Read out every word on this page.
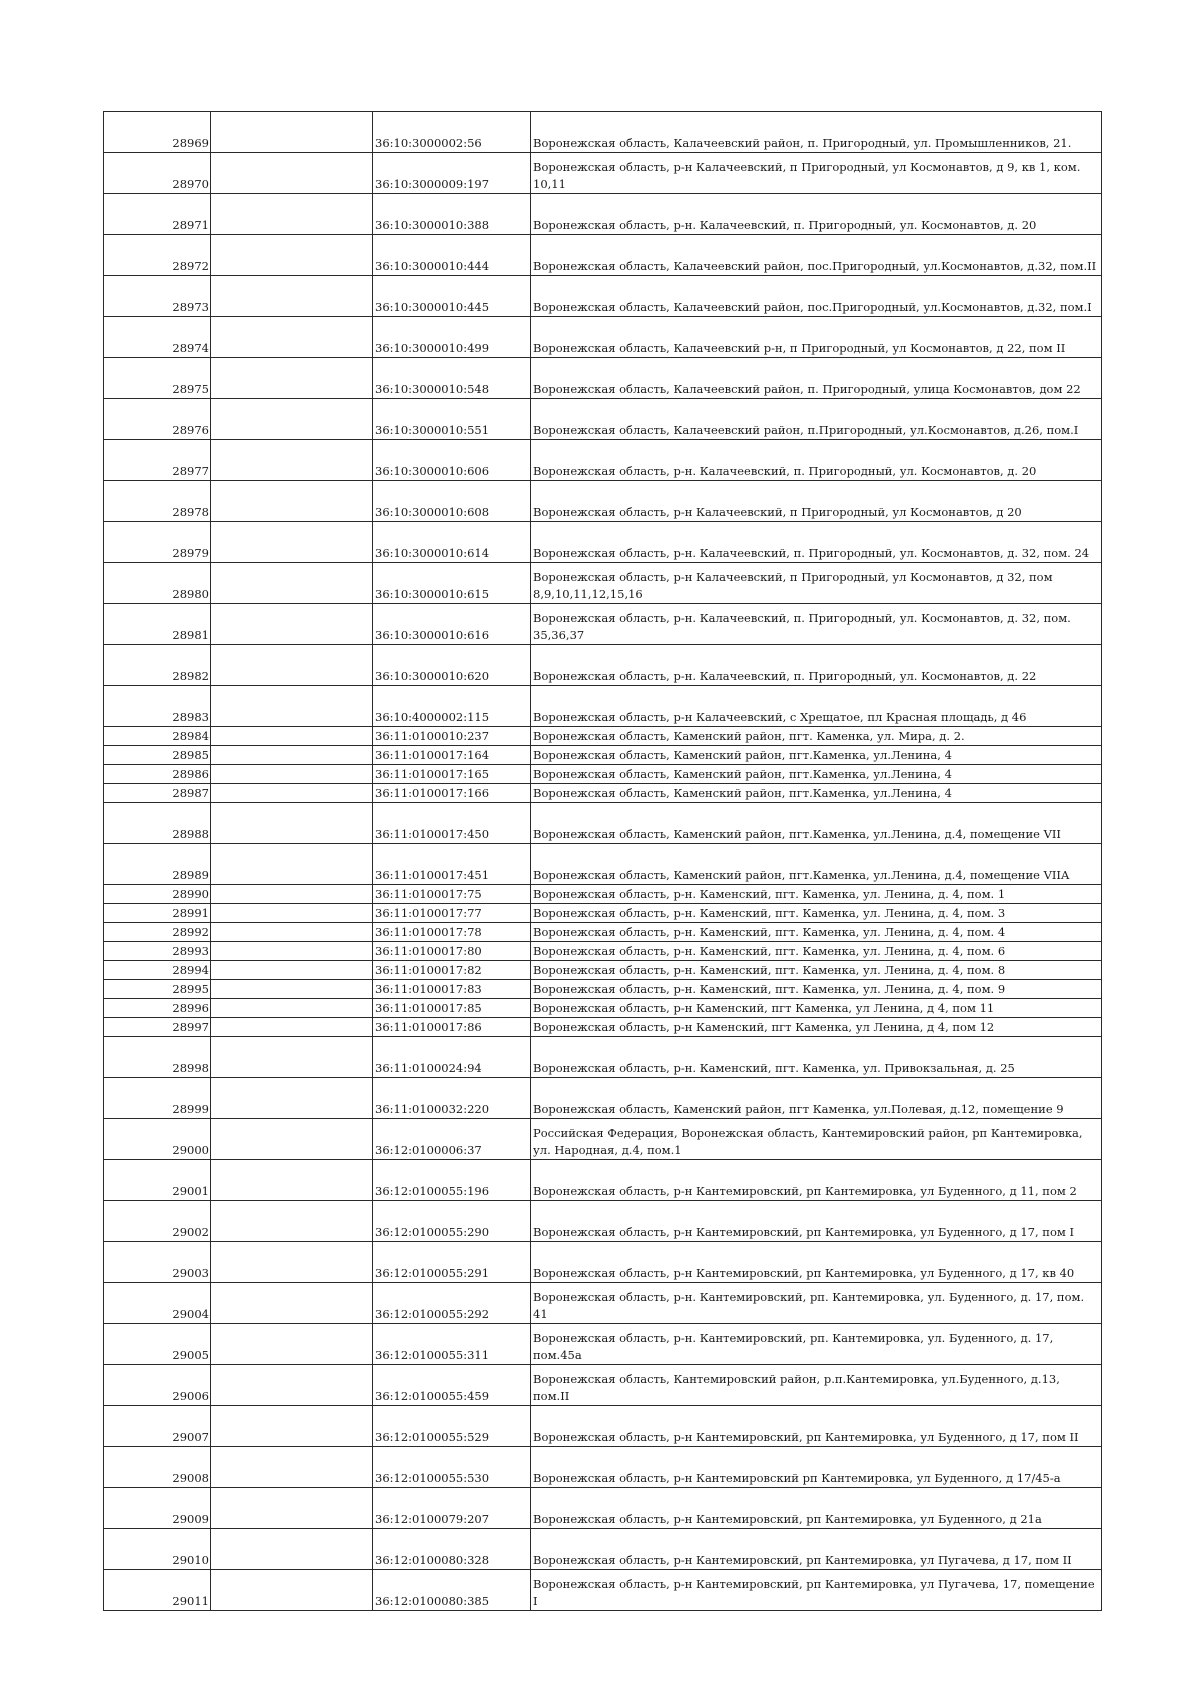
28969		36:10:3000002:56	Воронежская область, Калачеевский район, п. Пригородный, ул. Промышленников, 21.
28970		36:10:3000009:197	Воронежская область, р-н Калачеевский, п Пригородный, ул Космонавтов, д 9, кв 1, ком. 10,11
28971		36:10:3000010:388	Воронежская область, р-н. Калачеевский, п. Пригородный, ул. Космонавтов, д. 20
28972		36:10:3000010:444	Воронежская область, Калачеевский район, пос.Пригородный, ул.Космонавтов, д.32, пом.II
28973		36:10:3000010:445	Воронежская область, Калачеевский район, пос.Пригородный, ул.Космонавтов, д.32, пом.I
28974		36:10:3000010:499	Воронежская область, Калачеевский р-н, п Пригородный, ул Космонавтов, д 22, пом II
28975		36:10:3000010:548	Воронежская область, Калачеевский район, п. Пригородный, улица Космонавтов, дом 22
28976		36:10:3000010:551	Воронежская область, Калачеевский район, п.Пригородный, ул.Космонавтов, д.26, пом.I
28977		36:10:3000010:606	Воронежская область, р-н. Калачеевский, п. Пригородный, ул. Космонавтов, д. 20
28978		36:10:3000010:608	Воронежская область, р-н Калачеевский, п Пригородный, ул Космонавтов, д 20
28979		36:10:3000010:614	Воронежская область, р-н. Калачеевский, п. Пригородный, ул. Космонавтов, д. 32, пом. 24
28980		36:10:3000010:615	Воронежская область, р-н Калачеевский, п Пригородный, ул Космонавтов, д 32, пом 8,9,10,11,12,15,16
28981		36:10:3000010:616	Воронежская область, р-н. Калачеевский, п. Пригородный, ул. Космонавтов, д. 32, пом. 35,36,37
28982		36:10:3000010:620	Воронежская область, р-н. Калачеевский, п. Пригородный, ул. Космонавтов, д. 22
28983		36:10:4000002:115	Воронежская область, р-н Калачеевский, с Хрещатое, пл Красная площадь, д 46
28984		36:11:0100010:237	Воронежская область, Каменский район, пгт. Каменка, ул. Мира, д. 2.
28985		36:11:0100017:164	Воронежская область, Каменский район, пгт.Каменка, ул.Ленина, 4
28986		36:11:0100017:165	Воронежская область, Каменский район, пгт.Каменка, ул.Ленина, 4
28987		36:11:0100017:166	Воронежская область, Каменский район, пгт.Каменка, ул.Ленина, 4
28988		36:11:0100017:450	Воронежская область, Каменский район, пгт.Каменка, ул.Ленина, д.4, помещение VII
28989		36:11:0100017:451	Воронежская область, Каменский район, пгт.Каменка, ул.Ленина, д.4, помещение VIIA
28990		36:11:0100017:75	Воронежская область, р-н. Каменский, пгт. Каменка, ул. Ленина, д. 4, пом. 1
28991		36:11:0100017:77	Воронежская область, р-н. Каменский, пгт. Каменка, ул. Ленина, д. 4, пом. 3
28992		36:11:0100017:78	Воронежская область, р-н. Каменский, пгт. Каменка, ул. Ленина, д. 4, пом. 4
28993		36:11:0100017:80	Воронежская область, р-н. Каменский, пгт. Каменка, ул. Ленина, д. 4, пом. 6
28994		36:11:0100017:82	Воронежская область, р-н. Каменский, пгт. Каменка, ул. Ленина, д. 4, пом. 8
28995		36:11:0100017:83	Воронежская область, р-н. Каменский, пгт. Каменка, ул. Ленина, д. 4, пом. 9
28996		36:11:0100017:85	Воронежская область, р-н Каменский, пгт Каменка, ул Ленина, д 4, пом 11
28997		36:11:0100017:86	Воронежская область, р-н Каменский, пгт Каменка, ул Ленина, д 4, пом 12
28998		36:11:0100024:94	Воронежская область, р-н. Каменский, пгт. Каменка, ул. Привокзальная, д. 25
28999		36:11:0100032:220	Воронежская область, Каменский район, пгт Каменка, ул.Полевая, д.12, помещение 9
29000		36:12:0100006:37	Российская Федерация, Воронежская область, Кантемировский район, рп Кантемировка, ул. Народная, д.4, пом.1
29001		36:12:0100055:196	Воронежская область, р-н Кантемировский, рп Кантемировка, ул Буденного, д 11, пом 2
29002		36:12:0100055:290	Воронежская область, р-н Кантемировский, рп Кантемировка, ул Буденного, д 17, пом I
29003		36:12:0100055:291	Воронежская область, р-н Кантемировский, рп Кантемировка, ул Буденного, д 17, кв 40
29004		36:12:0100055:292	Воронежская область, р-н. Кантемировский, рп. Кантемировка, ул. Буденного, д. 17, пом. 41
29005		36:12:0100055:311	Воронежская область, р-н. Кантемировский, рп. Кантемировка, ул. Буденного, д. 17, пом.45а
29006		36:12:0100055:459	Воронежская область, Кантемировский район, р.п.Кантемировка, ул.Буденного, д.13, пом.II
29007		36:12:0100055:529	Воронежская область, р-н Кантемировский, рп Кантемировка, ул Буденного, д 17, пом II
29008		36:12:0100055:530	Воронежская область, р-н Кантемировский рп Кантемировка, ул Буденного, д 17/45-а
29009		36:12:0100079:207	Воронежская область, р-н Кантемировский, рп Кантемировка, ул Буденного, д 21а
29010		36:12:0100080:328	Воронежская область, р-н Кантемировский, рп Кантемировка, ул Пугачева, д 17, пом II
29011		36:12:0100080:385	Воронежская область, р-н Кантемировский, рп Кантемировка, ул Пугачева, 17, помещение I
